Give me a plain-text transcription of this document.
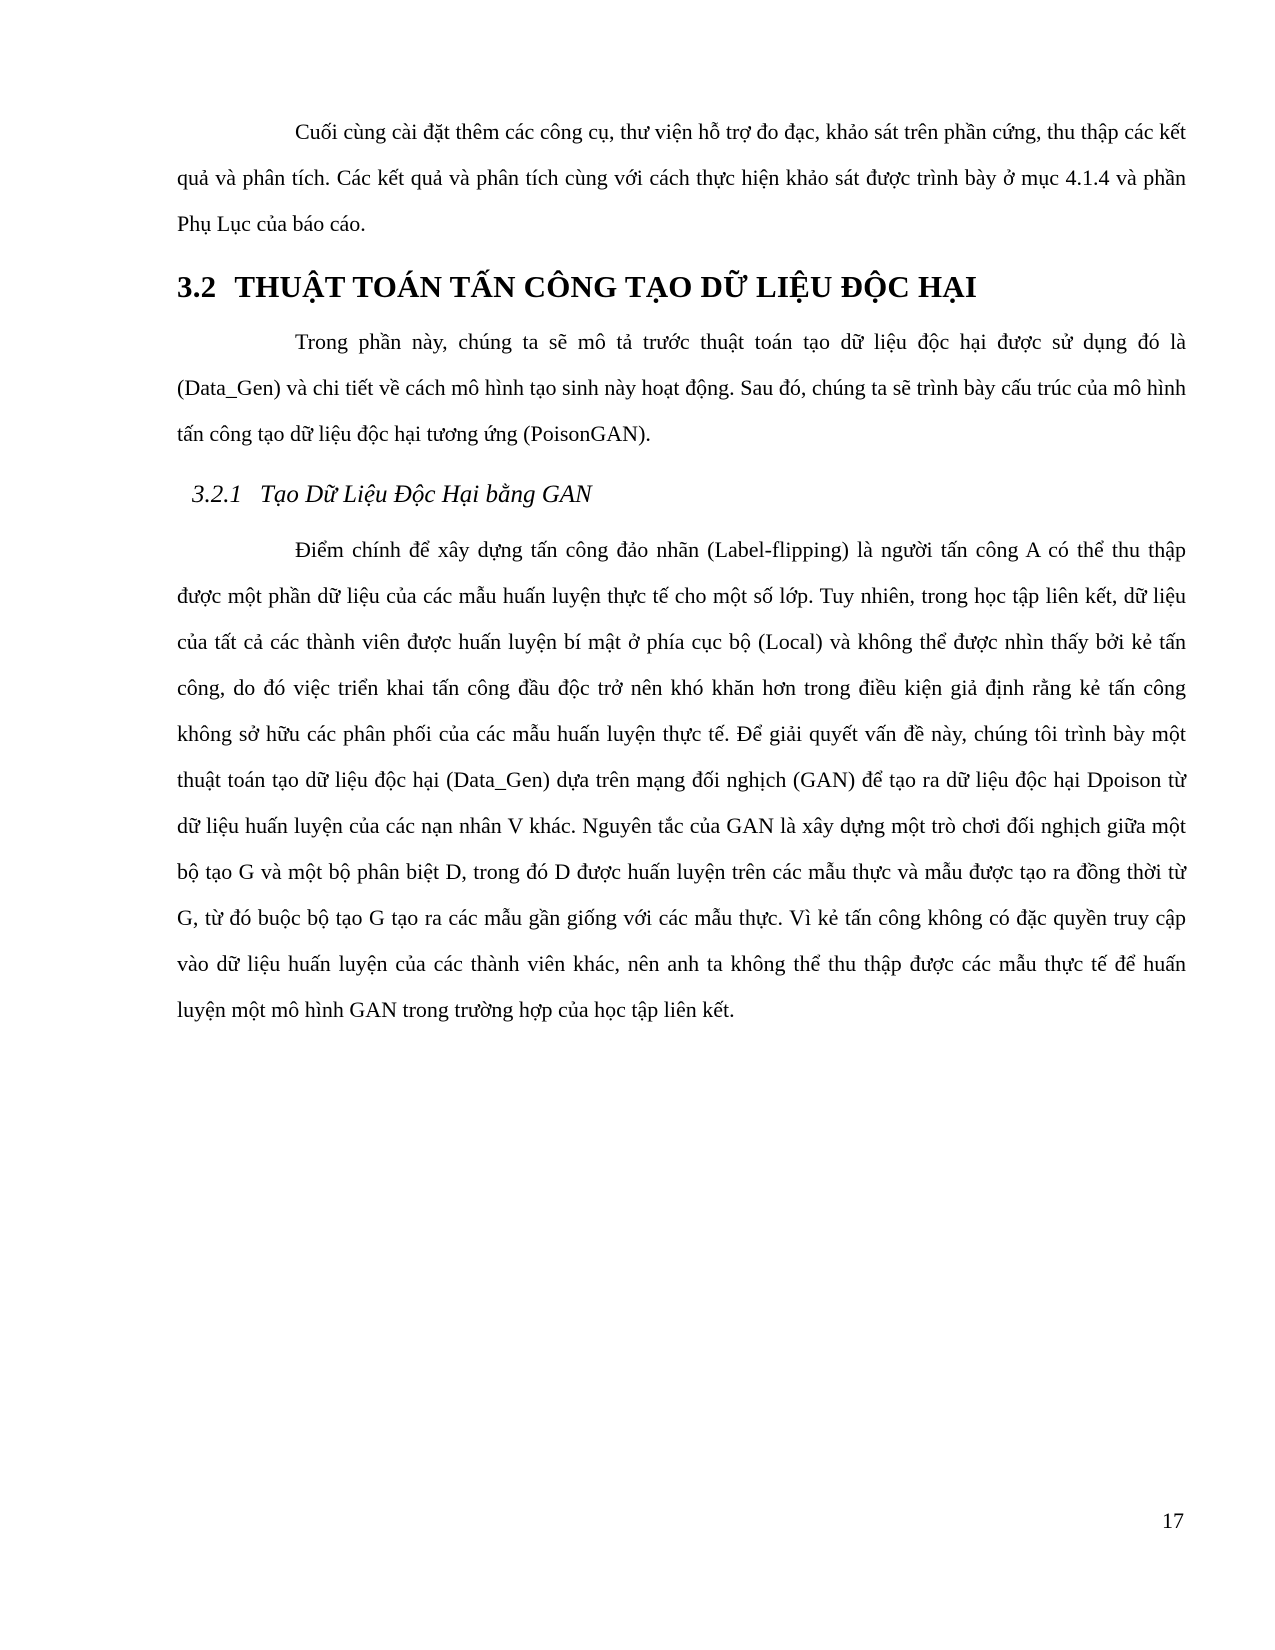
Cuối cùng cài đặt thêm các công cụ, thư viện hỗ trợ đo đạc, khảo sát trên phần cứng, thu thập các kết quả và phân tích. Các kết quả và phân tích cùng với cách thực hiện khảo sát được trình bày ở mục 4.1.4 và phần Phụ Lục của báo cáo.

3.2 THUẬT TOÁN TẤN CÔNG TẠO DỮ LIỆU ĐỘC HẠI

Trong phần này, chúng ta sẽ mô tả trước thuật toán tạo dữ liệu độc hại được sử dụng đó là (Data_Gen) và chi tiết về cách mô hình tạo sinh này hoạt động. Sau đó, chúng ta sẽ trình bày cấu trúc của mô hình tấn công tạo dữ liệu độc hại tương ứng (PoisonGAN).

3.2.1 Tạo Dữ Liệu Độc Hại bằng GAN

Điểm chính để xây dựng tấn công đảo nhãn (Label-flipping) là người tấn công A có thể thu thập được một phần dữ liệu của các mẫu huấn luyện thực tế cho một số lớp. Tuy nhiên, trong học tập liên kết, dữ liệu của tất cả các thành viên được huấn luyện bí mật ở phía cục bộ (Local) và không thể được nhìn thấy bởi kẻ tấn công, do đó việc triển khai tấn công đầu độc trở nên khó khăn hơn trong điều kiện giả định rằng kẻ tấn công không sở hữu các phân phối của các mẫu huấn luyện thực tế. Để giải quyết vấn đề này, chúng tôi trình bày một thuật toán tạo dữ liệu độc hại (Data_Gen) dựa trên mạng đối nghịch (GAN) để tạo ra dữ liệu độc hại Dpoison từ dữ liệu huấn luyện của các nạn nhân V khác. Nguyên tắc của GAN là xây dựng một trò chơi đối nghịch giữa một bộ tạo G và một bộ phân biệt D, trong đó D được huấn luyện trên các mẫu thực và mẫu được tạo ra đồng thời từ G, từ đó buộc bộ tạo G tạo ra các mẫu gần giống với các mẫu thực. Vì kẻ tấn công không có đặc quyền truy cập vào dữ liệu huấn luyện của các thành viên khác, nên anh ta không thể thu thập được các mẫu thực tế để huấn luyện một mô hình GAN trong trường hợp của học tập liên kết.

17
